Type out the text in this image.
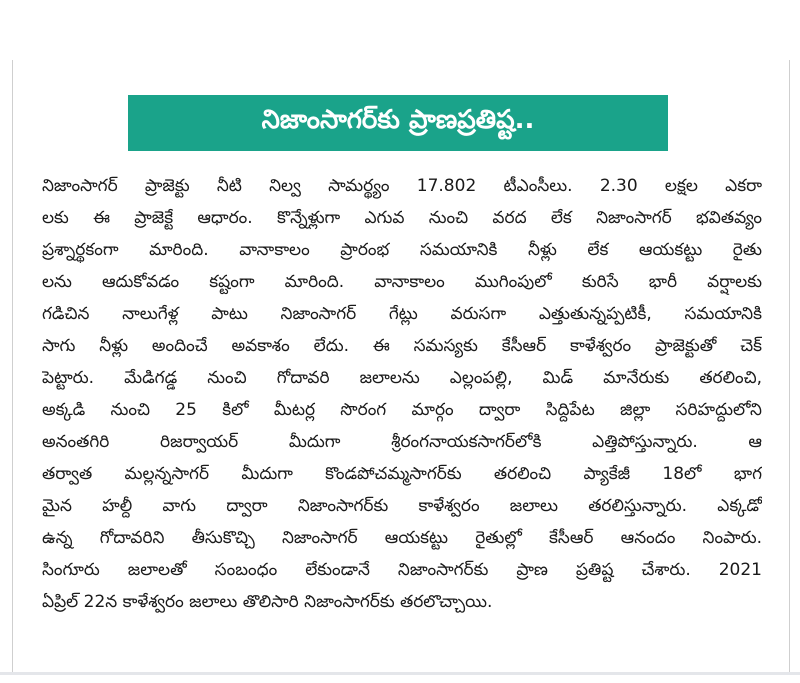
నిజాంసాగర్‌కు ప్రాణప్రతిష్ట..
నిజాంసాగర్ ప్రాజెక్టు నీటి నిల్వ సామర్థ్యం 17.802 టీఎంసీలు. 2.30 లక్షల ఎకరా
లకు ఈ ప్రాజెక్టే ఆధారం. కొన్నేళ్లుగా ఎగువ నుంచి వరద లేక నిజాంసాగర్ భవితవ్యం
ప్రశ్నార్థకంగా మారింది. వానాకాలం ప్రారంభ సమయానికి నీళ్లు లేక ఆయకట్టు రైతు
లను ఆదుకోవడం కష్టంగా మారింది. వానాకాలం ముగింపులో కురిసే భారీ వర్షాలకు
గడిచిన నాలుగేళ్ల పాటు నిజాంసాగర్ గేట్లు వరుసగా ఎత్తుతున్నప్పటికీ, సమయానికి
సాగు నీళ్లు అందించే అవకాశం లేదు. ఈ సమస్యకు కేసీఆర్ కాళేశ్వరం ప్రాజెక్టుతో చెక్
పెట్టారు. మేడిగడ్డ నుంచి గోదావరి జలాలను ఎల్లంపల్లి, మిడ్ మానేరుకు తరలించి,
అక్కడి నుంచి 25 కిలో మీటర్ల సొరంగ మార్గం ద్వారా సిద్దిపేట జిల్లా సరిహద్దులోని
అనంతగిరి రిజర్వాయర్ మీదుగా శ్రీరంగనాయకసాగర్‌లోకి ఎత్తిపోస్తున్నారు. ఆ
తర్వాత మల్లన్నసాగర్ మీదుగా కొండపోచమ్మసాగర్‌కు తరలించి ప్యాకేజీ 18లో భాగ
మైన హల్దీ వాగు ద్వారా నిజాంసాగర్‌కు కాళేశ్వరం జలాలు తరలిస్తున్నారు. ఎక్కడో
ఉన్న గోదావరిని తీసుకొచ్చి నిజాంసాగర్ ఆయకట్టు రైతుల్లో కేసీఆర్ ఆనందం నింపారు.
సింగూరు జలాలతో సంబంధం లేకుండానే నిజాంసాగర్‌కు ప్రాణ ప్రతిష్ట చేశారు. 2021
ఏప్రిల్ 22న కాళేశ్వరం జలాలు తొలిసారి నిజాంసాగర్‌కు తరలొచ్చాయి.
